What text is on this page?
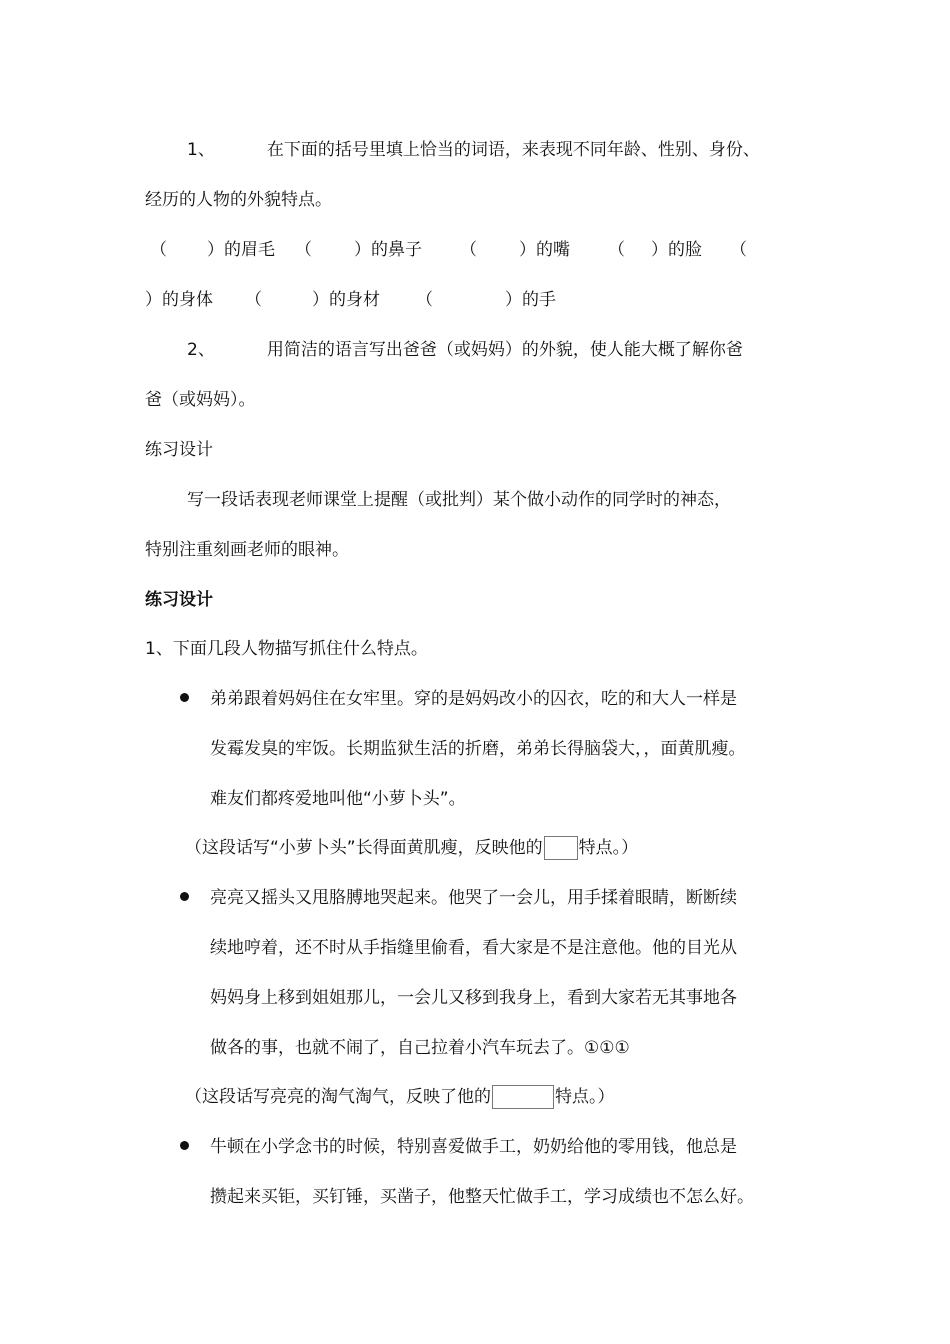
1、	在下面的括号里填上恰当的词语，来表现不同年龄、性别、身份、
经历的人物的外貌特点。
（ ）的眉毛 （ ）的鼻子 （ ）的嘴 （ ）的脸 （
）的身体 （	）的身材 （	）的手
2、	用简洁的语言写出爸爸（或妈妈）的外貌，使人能大概了解你爸
爸（或妈妈）。
练习设计
写一段话表现老师课堂上提醒（或批判）某个做小动作的同学时的神态，
特别注重刻画老师的眼神。
练习设计
1、下面几段人物描写抓住什么特点。
弟弟跟着妈妈住在女牢里。穿的是妈妈改小的囚衣，吃的和大人一样是
发霉发臭的牢饭。长期监狱生活的折磨，弟弟长得脑袋大，，面黄肌瘦。
难友们都疼爱地叫他“小萝卜头”。
（这段话写“小萝卜头”长得面黄肌瘦，反映他的 特点。）
亮亮又摇头又甩胳膊地哭起来。他哭了一会儿，用手揉着眼睛，断断续
续地哼着，还不时从手指缝里偷看，看大家是不是注意他。他的目光从
妈妈身上移到姐姐那儿，一会儿又移到我身上，看到大家若无其事地各
做各的事，也就不闹了，自己拉着小汽车玩去了。①①①
（这段话写亮亮的淘气淘气，反映了他的	特点。）
牛顿在小学念书的时候，特别喜爱做手工，奶奶给他的零用钱，他总是
攒起来买钜，买钉锤，买凿子，他整天忙做手工，学习成绩也不怎么好。
